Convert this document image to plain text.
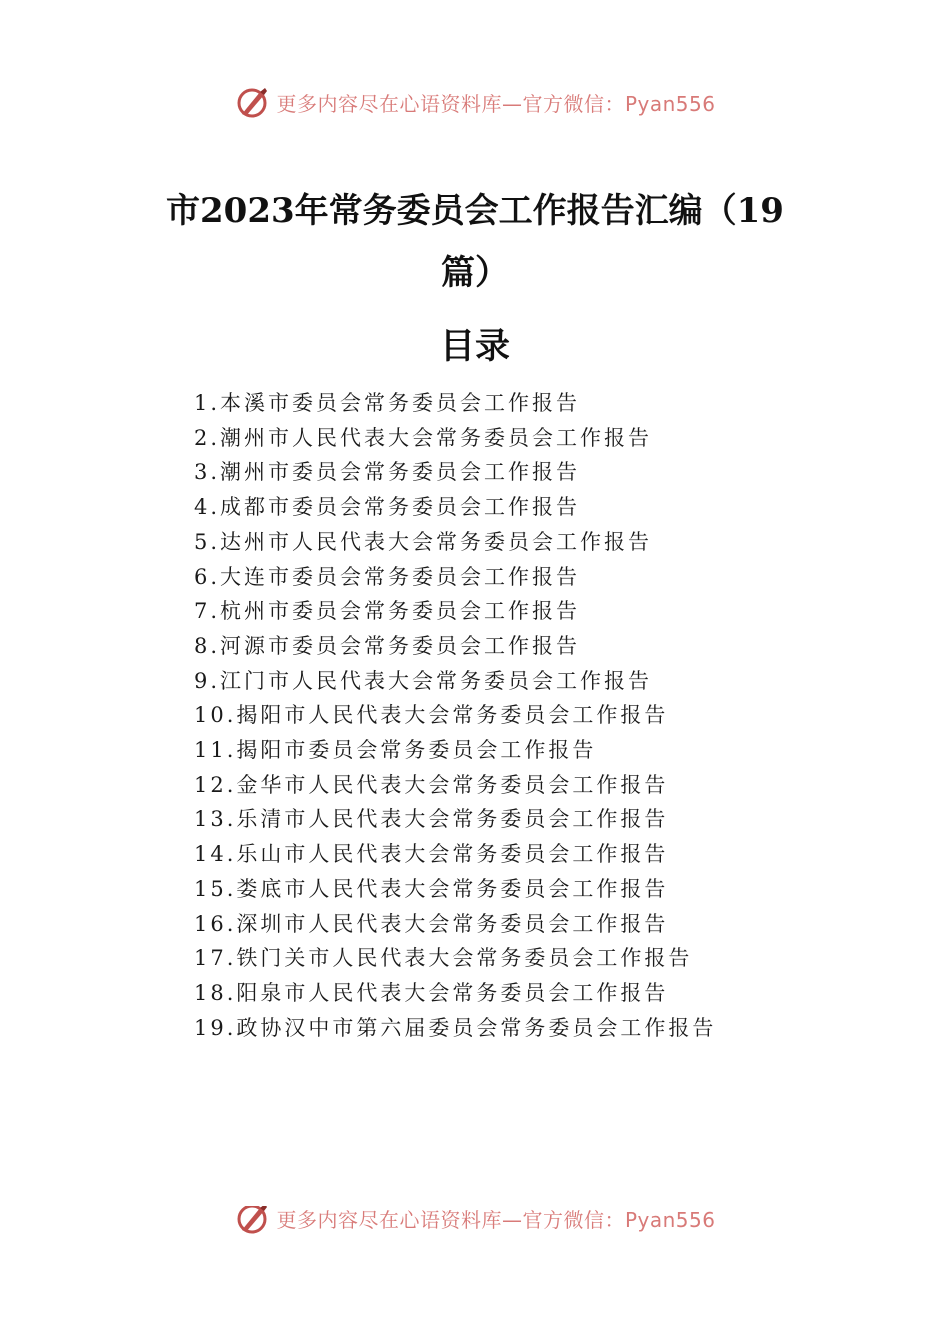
更多内容尽在心语资料库—官方微信：Pyan556
市2023年常务委员会工作报告汇编（19
篇）
目录
1.本溪市委员会常务委员会工作报告
2.潮州市人民代表大会常务委员会工作报告
3.潮州市委员会常务委员会工作报告
4.成都市委员会常务委员会工作报告
5.达州市人民代表大会常务委员会工作报告
6.大连市委员会常务委员会工作报告
7.杭州市委员会常务委员会工作报告
8.河源市委员会常务委员会工作报告
9.江门市人民代表大会常务委员会工作报告
10.揭阳市人民代表大会常务委员会工作报告
11.揭阳市委员会常务委员会工作报告
12.金华市人民代表大会常务委员会工作报告
13.乐清市人民代表大会常务委员会工作报告
14.乐山市人民代表大会常务委员会工作报告
15.娄底市人民代表大会常务委员会工作报告
16.深圳市人民代表大会常务委员会工作报告
17.铁门关市人民代表大会常务委员会工作报告
18.阳泉市人民代表大会常务委员会工作报告
19.政协汉中市第六届委员会常务委员会工作报告
更多内容尽在心语资料库—官方微信：Pyan556
